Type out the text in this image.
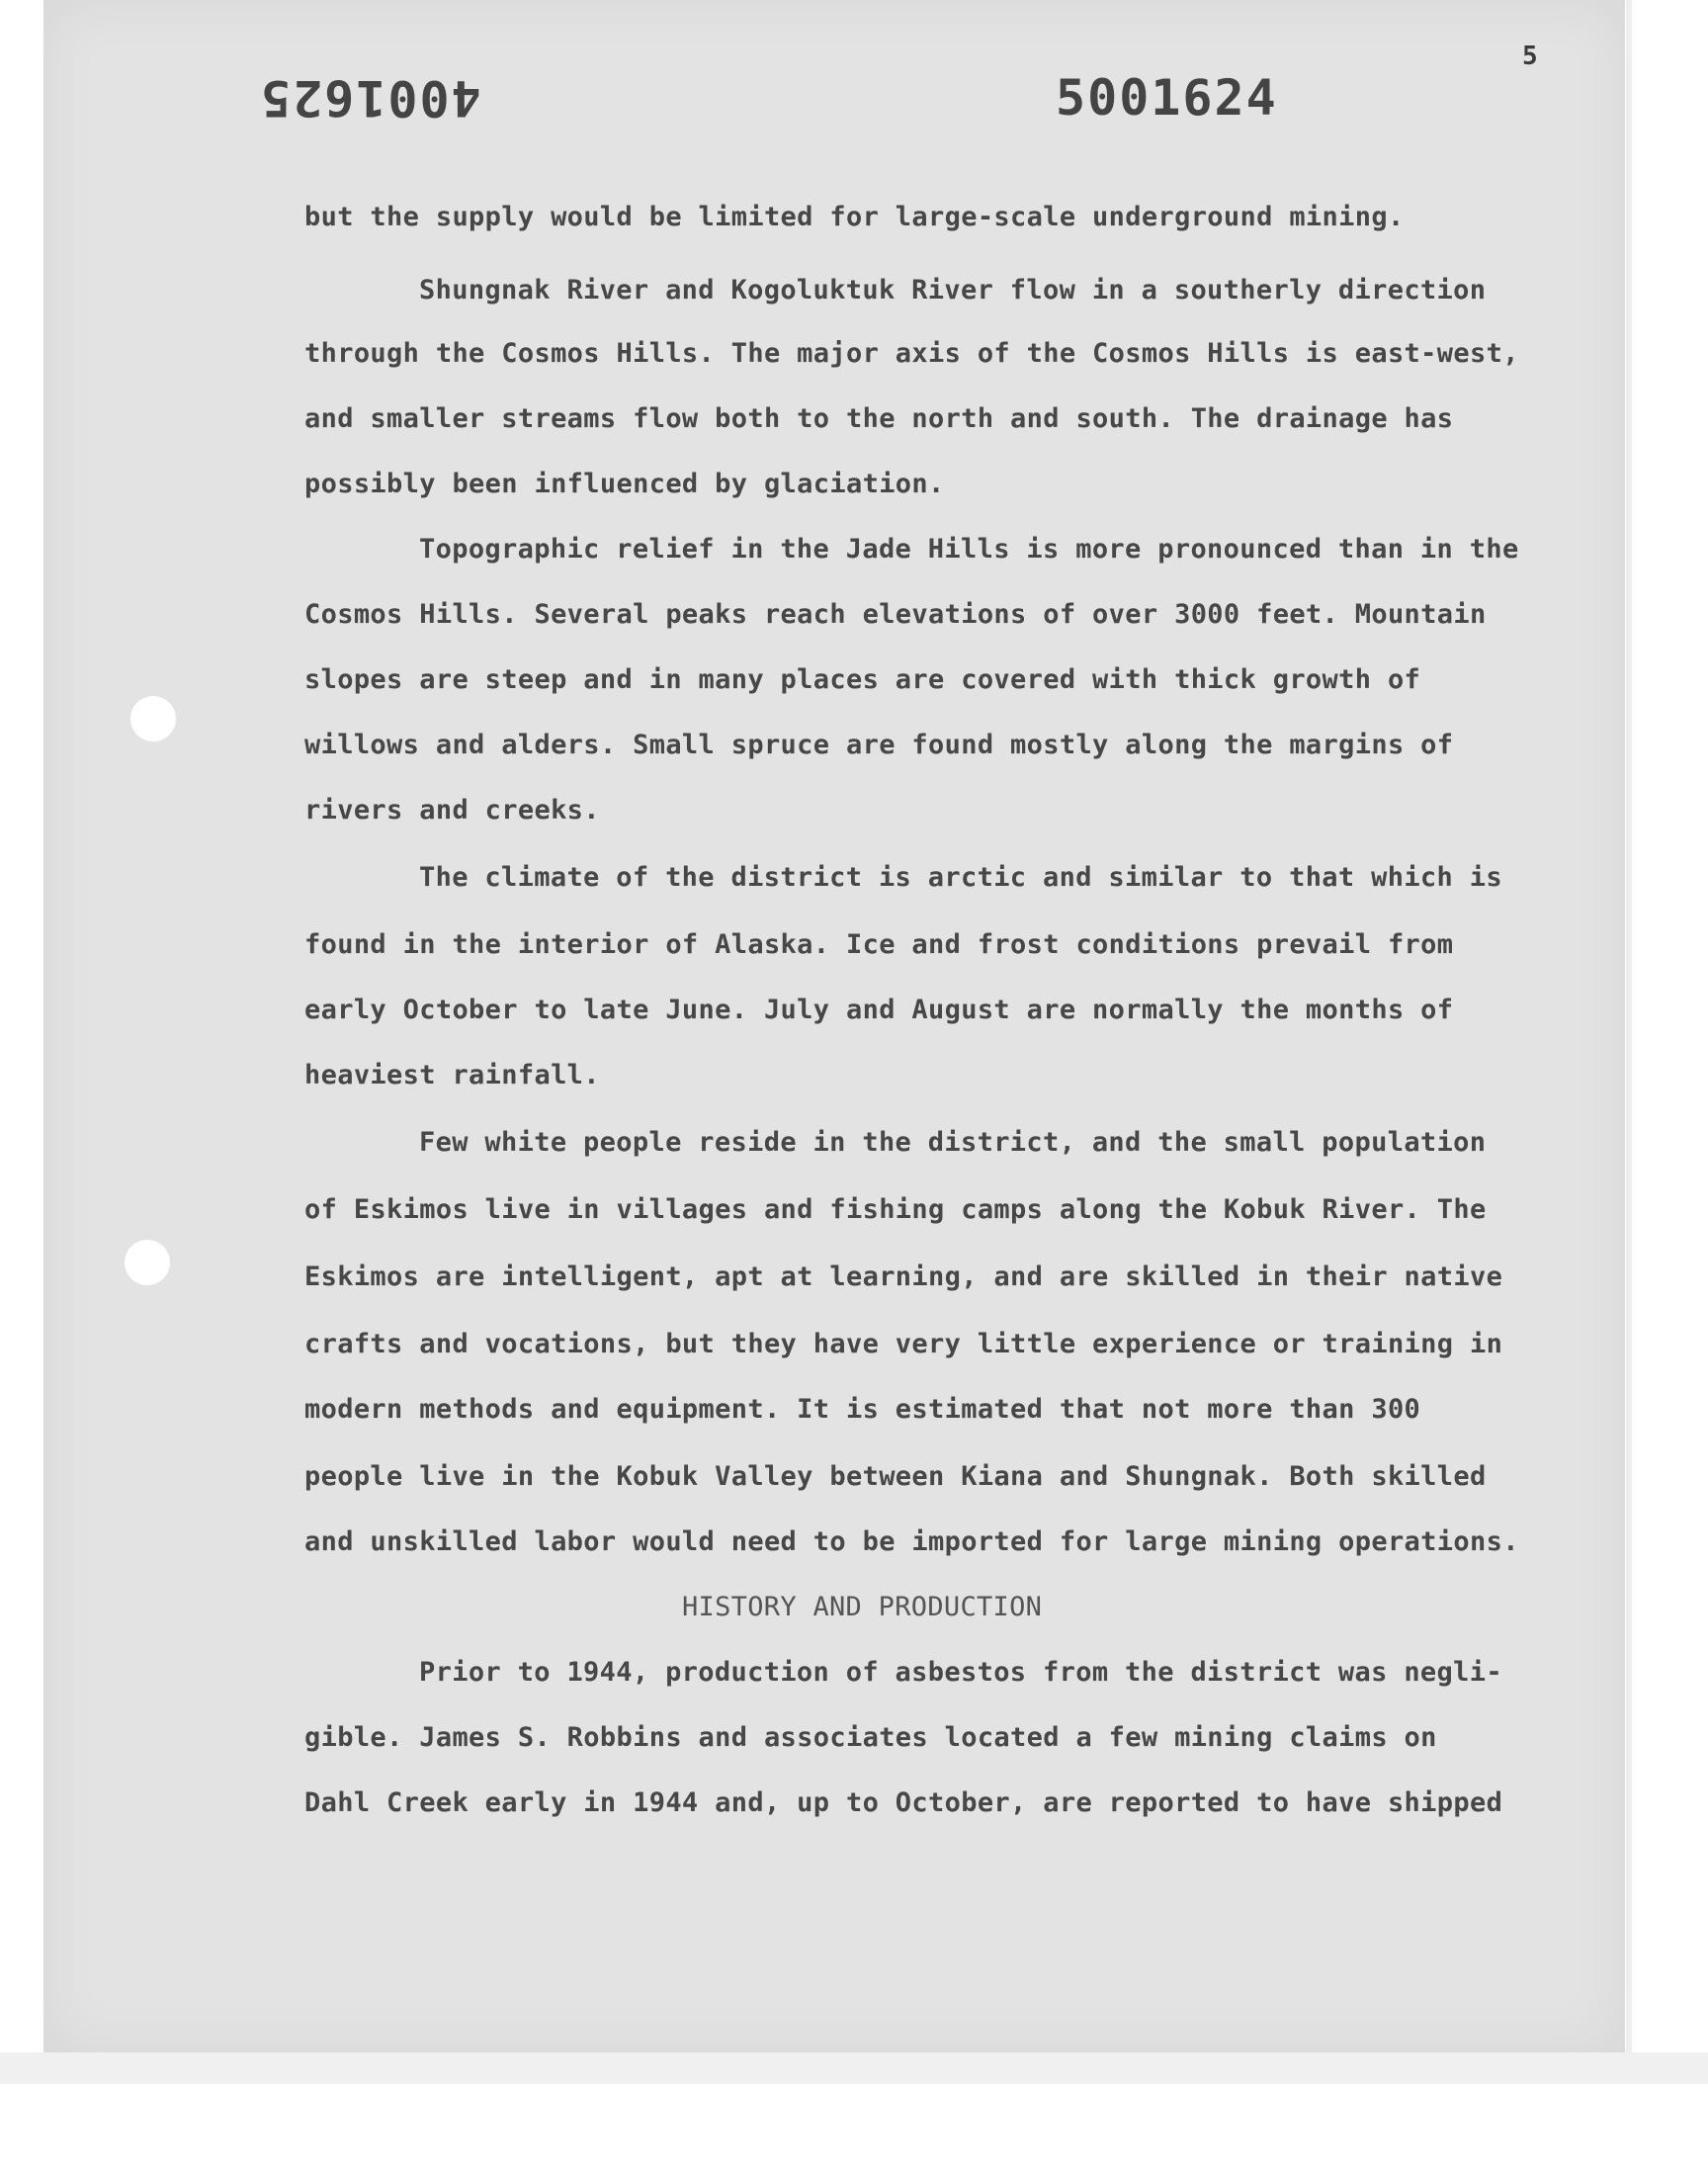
5
4001625	5001624
but the supply would be limited for large-scale underground mining.
Shungnak River and Kogoluktuk River flow in a southerly direction
through the Cosmos Hills. The major axis of the Cosmos Hills is east-west,
and smaller streams flow both to the north and south. The drainage has
possibly been influenced by glaciation.
Topographic relief in the Jade Hills is more pronounced than in the
Cosmos Hills. Several peaks reach elevations of over 3000 feet. Mountain
slopes are steep and in many places are covered with thick growth of
willows and alders. Small spruce are found mostly along the margins of
rivers and creeks.
The climate of the district is arctic and similar to that which is
found in the interior of Alaska. Ice and frost conditions prevail from
early October to late June. July and August are normally the months of
heaviest rainfall.
Few white people reside in the district, and the small population
of Eskimos live in villages and fishing camps along the Kobuk River. The
Eskimos are intelligent, apt at learning, and are skilled in their native
crafts and vocations, but they have very little experience or training in
modern methods and equipment. It is estimated that not more than 300
people live in the Kobuk Valley between Kiana and Shungnak. Both skilled
and unskilled labor would need to be imported for large mining operations.
HISTORY AND PRODUCTION
Prior to 1944, production of asbestos from the district was negli-
gible. James S. Robbins and associates located a few mining claims on
Dahl Creek early in 1944 and, up to October, are reported to have shipped
